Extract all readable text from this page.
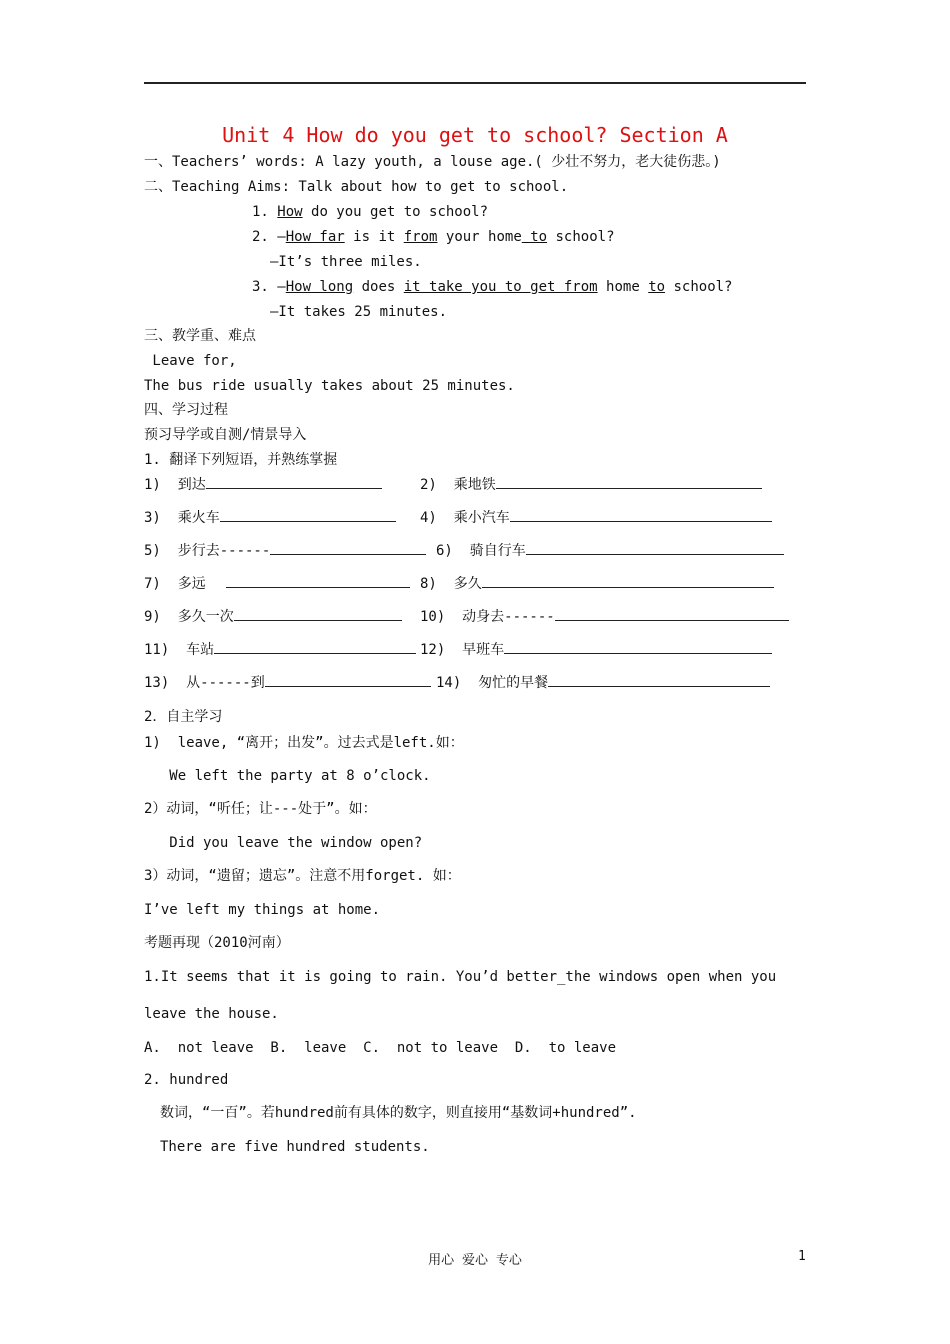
Unit 4 How do you get to school? Section A
一、Teachers’ words: A lazy youth, a louse age.( 少壮不努力，老大徒伤悲。)
二、Teaching Aims: Talk about how to get to school.
1. How do you get to school?
2. —How far is it from your home to school?
—It’s three miles.
3. —How long does it take you to get from home to school?
—It takes 25 minutes.
三、教学重、难点
Leave for,
The bus ride usually takes about 25 minutes.
四、学习过程
预习导学或自测/情景导入
1. 翻译下列短语，并熟练掌握
1)  到达	2)  乘地铁
3)  乘火车	4)  乘小汽车
5)  步行去------	6)  骑自行车
7)  多远	8)  多久
9)  多久一次	10)  动身去------
11)  车站	12)  早班车
13)  从------到	14)  匆忙的早餐
2．自主学习
1)  leave, “离开；出发”。过去式是left.如：
We left the party at 8 o’clock.
2）动词，“听任；让---处于”。如：
Did you leave the window open?
3）动词，“遗留；遗忘”。注意不用forget. 如：
I’ve left my things at home.
考题再现（2010河南）
1.It seems that it is going to rain. You’d better_the windows open when you
leave the house.
A.  not leave  B.  leave  C.  not to leave  D.  to leave
2. hundred
数词，“一百”。若hundred前有具体的数字，则直接用“基数词+hundred”.
There are five hundred students.
用心 爱心 专心	1
